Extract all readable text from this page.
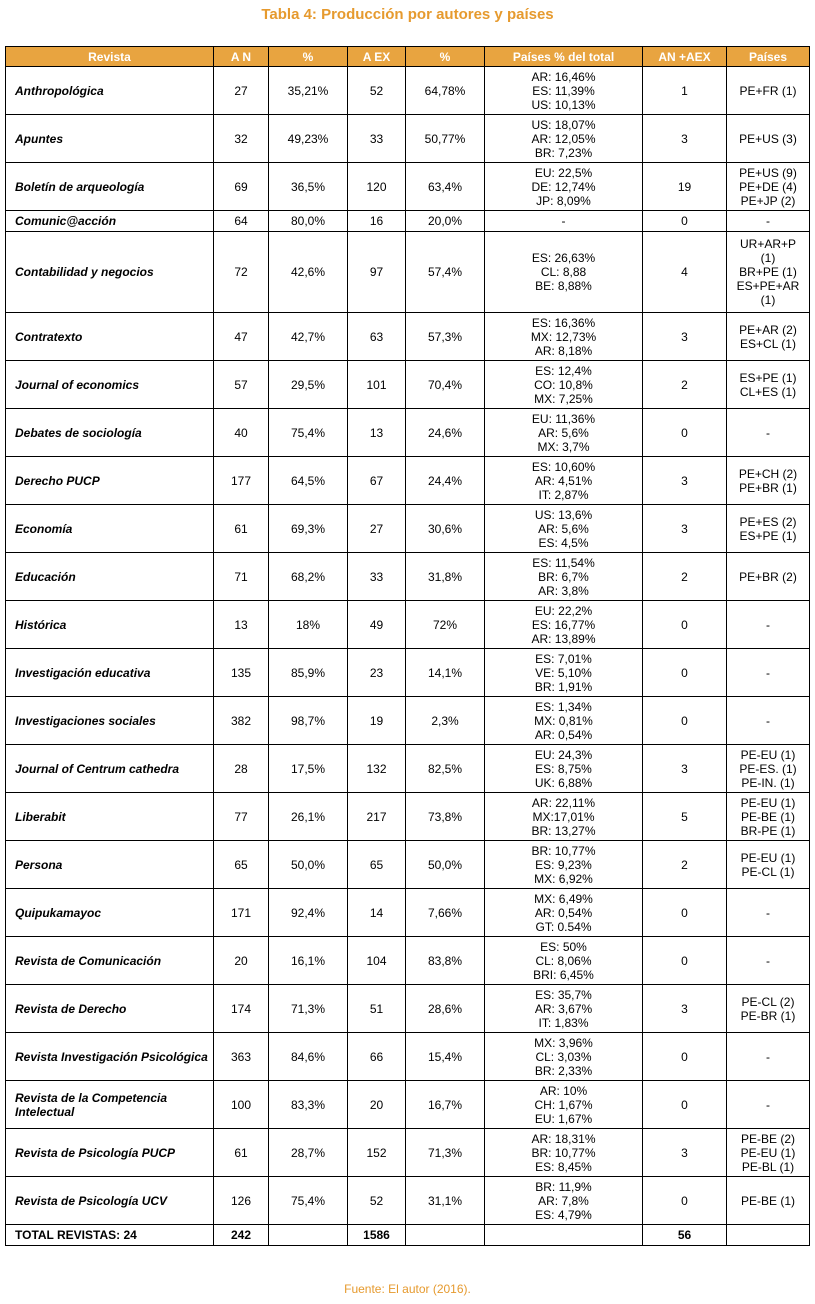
Tabla 4: Producción por autores y países
Revista	A N	%	A EX	%	Países % del total	AN +AEX	Países
Anthropológica	27	35,21%	52	64,78%	AR: 16,46%
ES: 11,39%
US: 10,13%	1	PE+FR (1)

Apuntes	32	49,23%	33	50,77%	US: 18,07%
AR: 12,05%
BR: 7,23%	3	PE+US (3)

Boletín de arqueología	69	36,5%	120	63,4%	EU: 22,5%
DE: 12,74%
JP: 8,09%	19	PE+US (9)
PE+DE (4)
PE+JP (2)

Comunic@acción	64	80,0%	16	20,0%	-	0	-

Contabilidad y negocios	72	42,6%	97	57,4%	ES: 26,63%
CL: 8,88
BE: 8,88%	4	UR+AR+P
(1)
BR+PE (1)
ES+PE+AR
(1)

Contratexto	47	42,7%	63	57,3%	ES: 16,36%
MX: 12,73%
AR: 8,18%	3	PE+AR (2)
ES+CL (1)

Journal of economics	57	29,5%	101	70,4%	ES: 12,4%
CO: 10,8%
MX: 7,25%	2	ES+PE (1)
CL+ES (1)

Debates de sociología	40	75,4%	13	24,6%	EU: 11,36%
AR: 5,6%
MX: 3,7%	0	-

Derecho PUCP	177	64,5%	67	24,4%	ES: 10,60%
AR: 4,51%
IT: 2,87%	3	PE+CH (2)
PE+BR (1)

Economía	61	69,3%	27	30,6%	US: 13,6%
AR: 5,6%
ES: 4,5%	3	PE+ES (2)
ES+PE (1)

Educación	71	68,2%	33	31,8%	ES: 11,54%
BR: 6,7%
AR: 3,8%	2	PE+BR (2)

Histórica	13	18%	49	72%	EU: 22,2%
ES: 16,77%
AR: 13,89%	0	-

Investigación educativa	135	85,9%	23	14,1%	ES: 7,01%
VE: 5,10%
BR: 1,91%	0	-

Investigaciones sociales	382	98,7%	19	2,3%	ES: 1,34%
MX: 0,81%
AR: 0,54%	0	-

Journal of Centrum cathedra	28	17,5%	132	82,5%	EU: 24,3%
ES: 8,75%
UK: 6,88%	3	PE-EU (1)
PE-ES. (1)
PE-IN. (1)

Liberabit	77	26,1%	217	73,8%	AR: 22,11%
MX:17,01%
BR: 13,27%	5	PE-EU (1)
PE-BE (1)
BR-PE (1)

Persona	65	50,0%	65	50,0%	BR: 10,77%
ES: 9,23%
MX: 6,92%	2	PE-EU (1)
PE-CL (1)

Quipukamayoc	171	92,4%	14	7,66%	MX: 6,49%
AR: 0,54%
GT: 0.54%	0	-

Revista de Comunicación	20	16,1%	104	83,8%	ES: 50%
CL: 8,06%
BRI: 6,45%	0	-

Revista de Derecho	174	71,3%	51	28,6%	ES: 35,7%
AR: 3,67%
IT: 1,83%	3	PE-CL (2)
PE-BR (1)

Revista Investigación Psicológica	363	84,6%	66	15,4%	MX: 3,96%
CL: 3,03%
BR: 2,33%	0	-

Revista de la Competencia Intelectual	100	83,3%	20	16,7%	AR: 10%
CH: 1,67%
EU: 1,67%	0	-

Revista de Psicología PUCP	61	28,7%	152	71,3%	AR: 18,31%
BR: 10,77%
ES: 8,45%	3	PE-BE (2)
PE-EU (1)
PE-BL (1)

Revista de Psicología UCV	126	75,4%	52	31,1%	BR: 11,9%
AR: 7,8%
ES: 4,79%	0	PE-BE (1)

TOTAL REVISTAS: 24	242		1586			56	
Fuente: El autor (2016).
